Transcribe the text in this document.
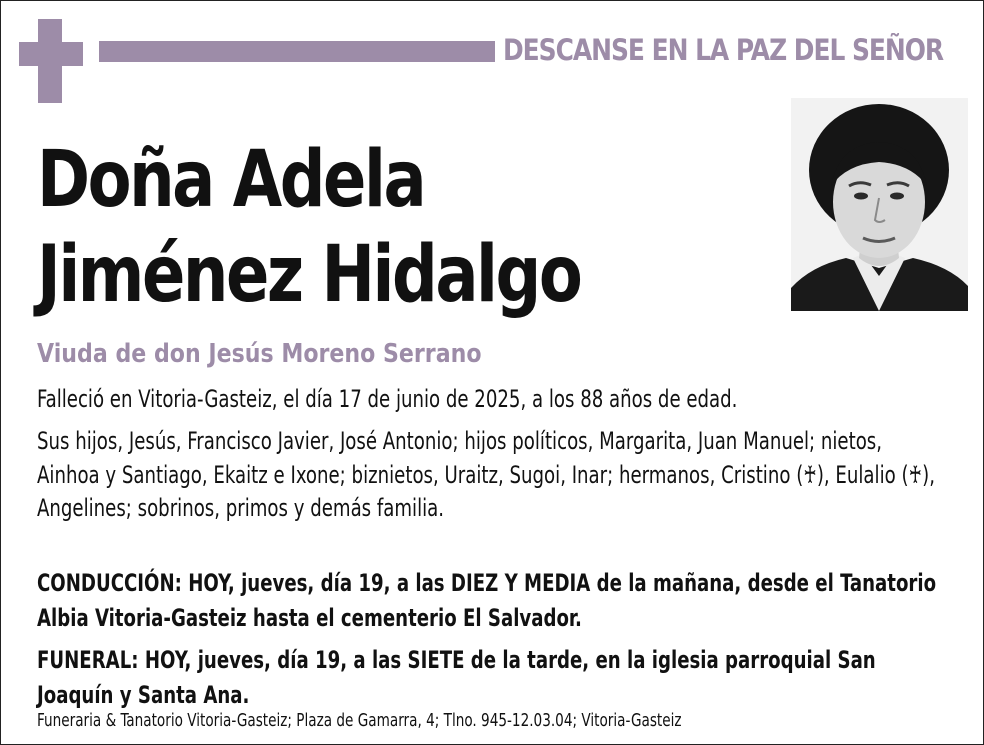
DESCANSE EN LA PAZ DEL SEÑOR
Doña Adela
Jiménez Hidalgo
Viuda de don Jesús Moreno Serrano
Falleció en Vitoria-Gasteiz, el día 17 de junio de 2025, a los 88 años de edad.
Sus hijos, Jesús, Francisco Javier, José Antonio; hijos políticos, Margarita, Juan Manuel; nietos, Ainhoa y Santiago, Ekaitz e Ixone; biznietos, Uraitz, Sugoi, Inar; hermanos, Cristino (♰), Eulalio (♰), Angelines; sobrinos, primos y demás familia.
CONDUCCIÓN: HOY, jueves, día 19, a las DIEZ Y MEDIA de la mañana, desde el Tanatorio Albia Vitoria-Gasteiz hasta el cementerio El Salvador.
FUNERAL: HOY, jueves, día 19, a las SIETE de la tarde, en la iglesia parroquial San Joaquín y Santa Ana.
Funeraria & Tanatorio Vitoria-Gasteiz; Plaza de Gamarra, 4; Tlno. 945-12.03.04; Vitoria-Gasteiz
